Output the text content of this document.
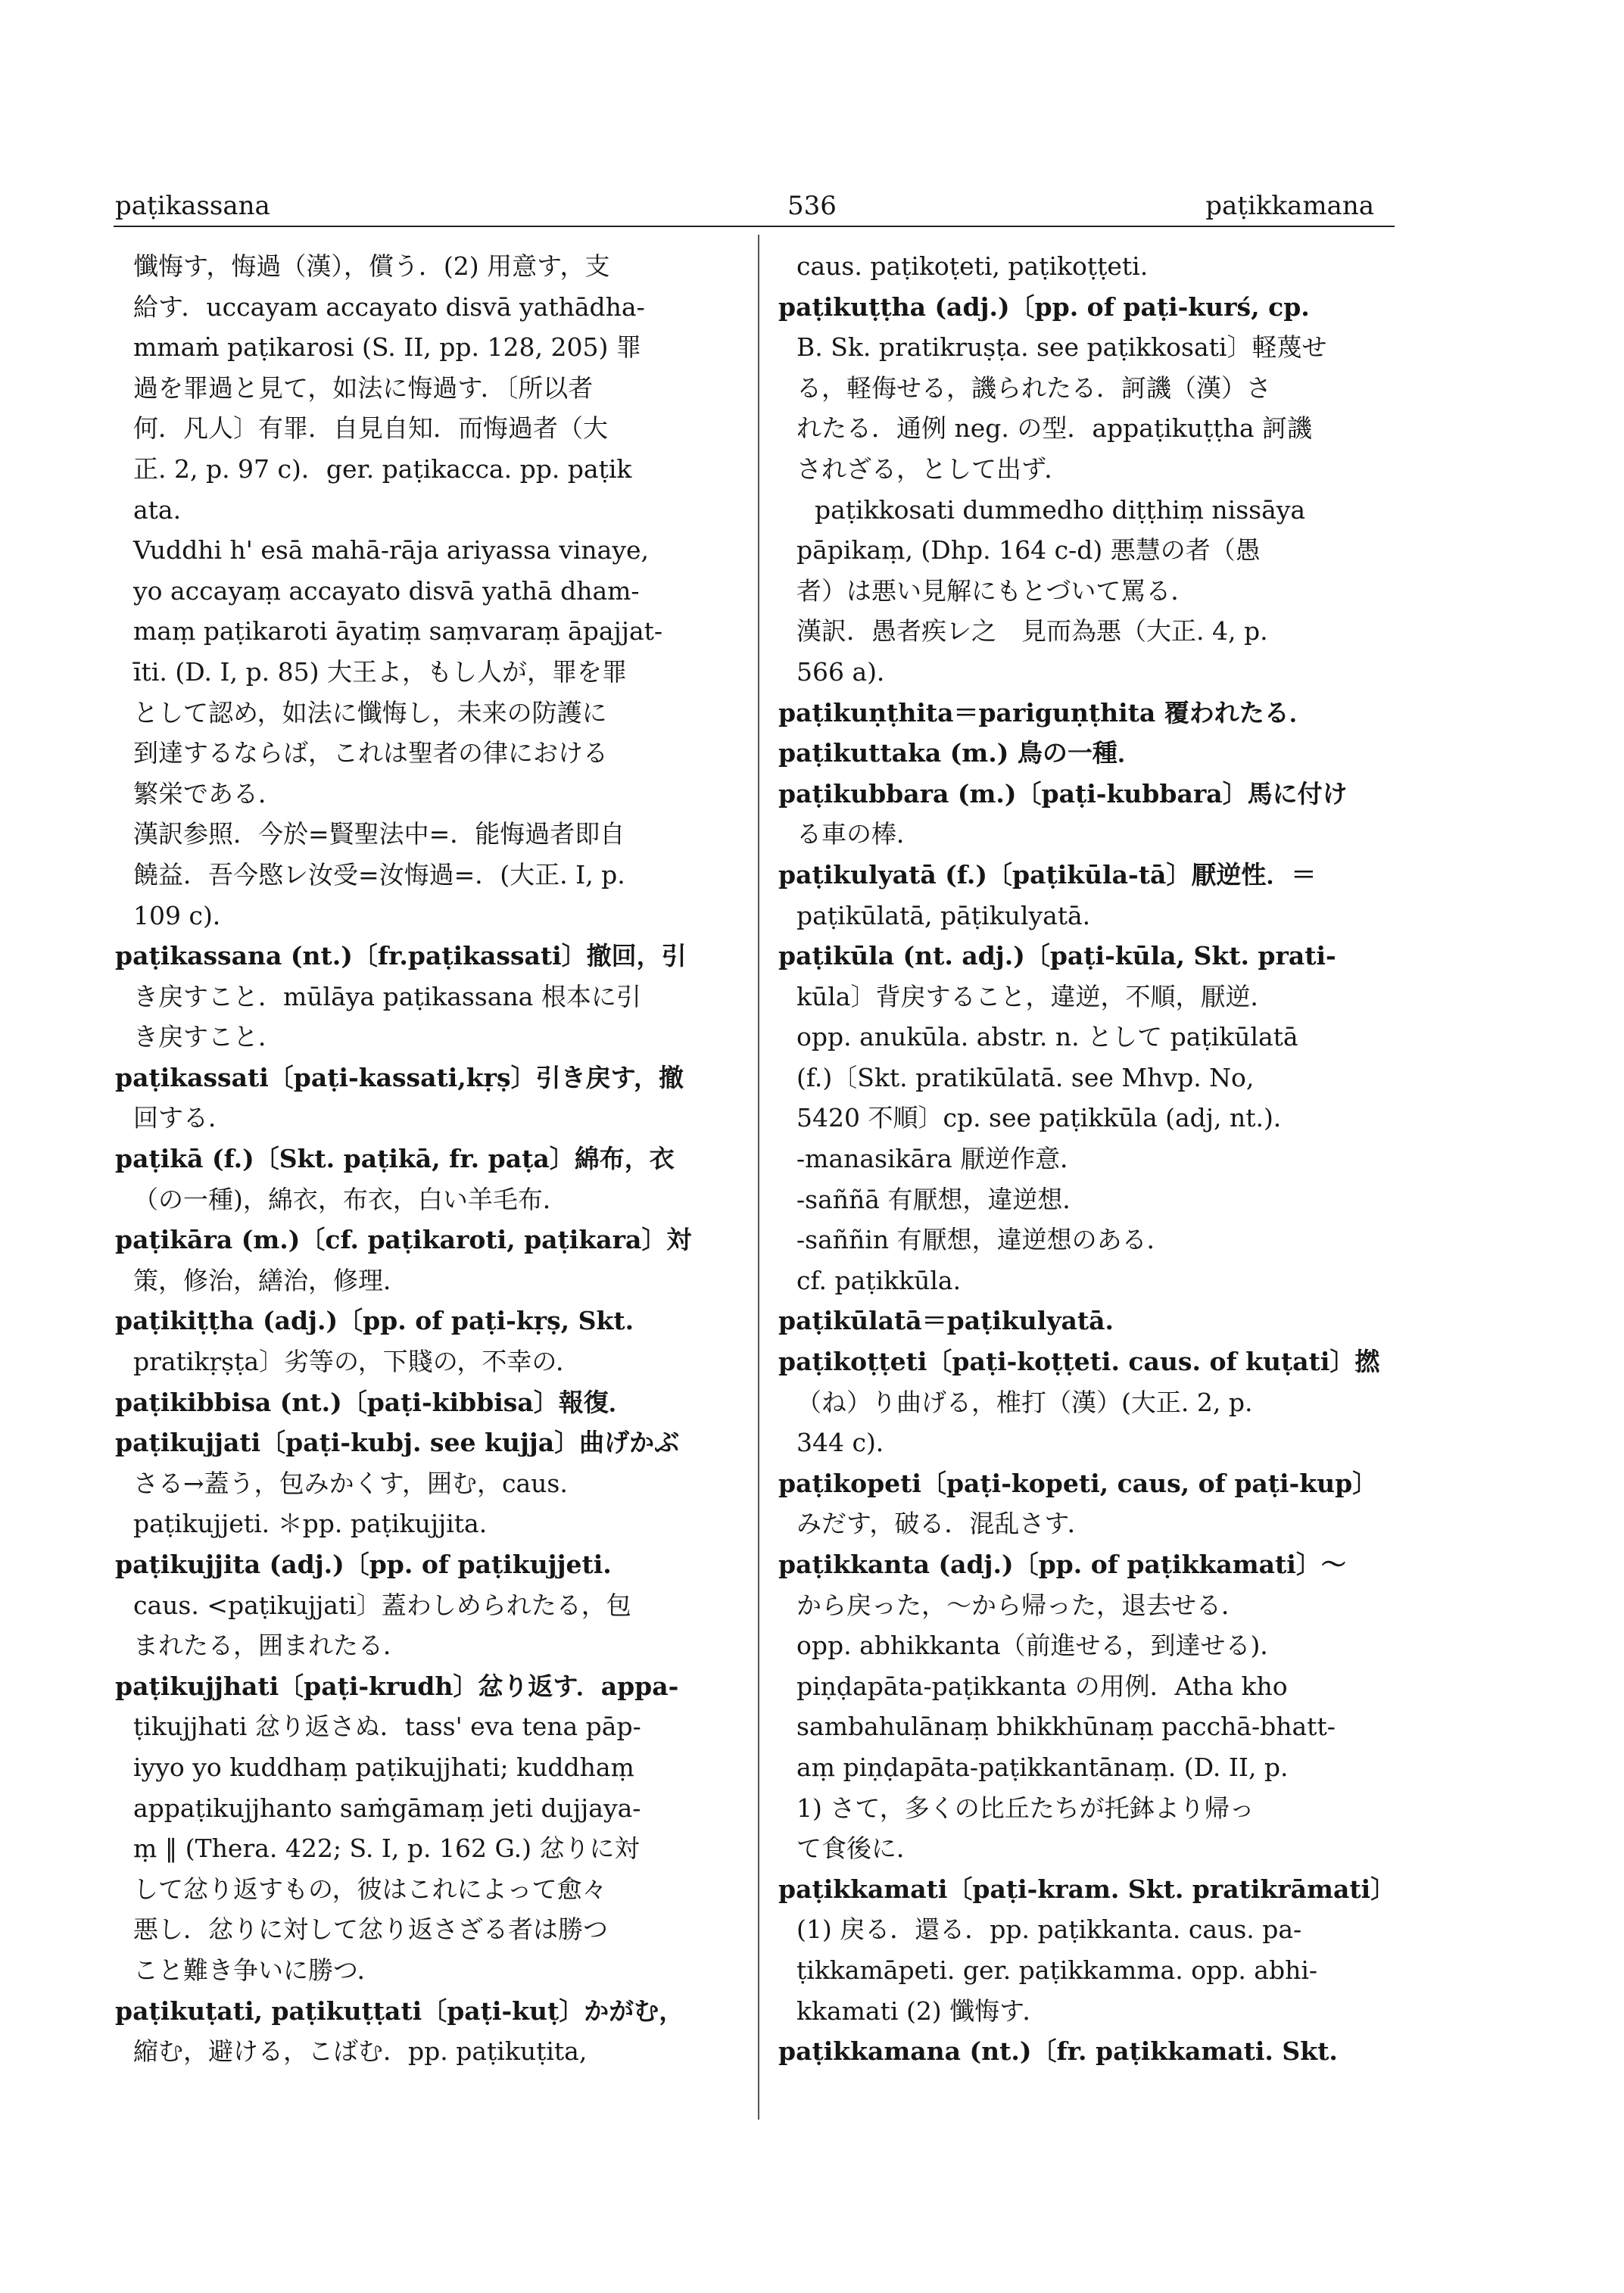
paṭikassana	536	paṭikkamana
懺悔す，悔過（漢），償う．(2) 用意す，支
給す．uccayam accayato disvā yathādha-
mmaṁ paṭikarosi (S. II, pp. 128, 205) 罪
過を罪過と見て，如法に悔過す．〔所以者
何．凡人〕有罪．自見自知．而悔過者（大
正. 2, p. 97 c)．ger. paṭikacca. pp. paṭik
ata.
Vuddhi h' esā mahā-rāja ariyassa vinaye,
yo accayaṃ accayato disvā yathā dham-
maṃ paṭikaroti āyatiṃ saṃvaraṃ āpajjat-
īti. (D. I, p. 85) 大王よ，もし人が，罪を罪
として認め，如法に懺悔し，未来の防護に
到達するならば，これは聖者の律における
繁栄である．
漢訳参照．今於=賢聖法中=．能悔過者即自
饒益．吾今愍レ汝受=汝悔過=．(大正. I, p.
109 c)．
paṭikassana (nt.)〔fr.paṭikassati〕撤回，引
き戻すこと．mūlāya paṭikassana 根本に引
き戻すこと．
paṭikassati〔paṭi-kassati,kṛṣ〕引き戻す，撤
回する．
paṭikā (f.)〔Skt. paṭikā, fr. paṭa〕綿布，衣
（の一種)，綿衣，布衣，白い羊毛布．
paṭikāra (m.)〔cf. paṭikaroti, paṭikara〕対
策，修治，繕治，修理．
paṭikiṭṭha (adj.)〔pp. of paṭi-kṛṣ, Skt.
pratikṛṣṭa〕劣等の，下賤の，不幸の．
paṭikibbisa (nt.)〔paṭi-kibbisa〕報復．
paṭikujjati〔paṭi-kubj. see kujja〕曲げかぶ
さる→蓋う，包みかくす，囲む，caus.
paṭikujjeti. ＊pp. paṭikujjita.
paṭikujjita (adj.)〔pp. of paṭikujjeti.
caus. <paṭikujjati〕蓋わしめられたる，包
まれたる，囲まれたる．
paṭikujjhati〔paṭi-krudh〕忿り返す．appa-
ṭikujjhati 忿り返さぬ．tass' eva tena pāp-
iyyo yo kuddhaṃ paṭikujjhati; kuddhaṃ
appaṭikujjhanto saṁgāmaṃ jeti dujjaya-
ṃ ‖ (Thera. 422; S. I, p. 162 G.) 忿りに対
して忿り返すもの，彼はこれによって愈々
悪し．忿りに対して忿り返さざる者は勝つ
こと難き争いに勝つ．
paṭikuṭati, paṭikuṭṭati〔paṭi-kuṭ〕かがむ，
縮む，避ける，こばむ．pp. paṭikuṭita,
caus. paṭikoṭeti, paṭikoṭṭeti.
paṭikuṭṭha (adj.)〔pp. of paṭi-kurś, cp.
B. Sk. pratikruṣṭa. see paṭikkosati〕軽蔑せ
る，軽侮せる，譏られたる．訶譏（漢）さ
れたる．通例 neg. の型．appaṭikuṭṭha 訶譏
されざる，として出ず．
paṭikkosati dummedho diṭṭhiṃ nissāya
pāpikaṃ, (Dhp. 164 c-d) 悪慧の者（愚
者）は悪い見解にもとづいて罵る．
漢訳．愚者疾レ之　見而為悪（大正. 4, p.
566 a)．
paṭikuṇṭhita＝pariguṇṭhita 覆われたる．
paṭikuttaka (m.) 鳥の一種．
paṭikubbara (m.)〔paṭi-kubbara〕馬に付け
る車の棒．
paṭikulyatā (f.)〔paṭikūla-tā〕厭逆性．＝
paṭikūlatā, pāṭikulyatā.
paṭikūla (nt. adj.)〔paṭi-kūla, Skt. prati-
kūla〕背戻すること，違逆，不順，厭逆．
opp. anukūla. abstr. n. として paṭikūlatā
(f.)〔Skt. pratikūlatā. see Mhvp. No,
5420 不順〕cp. see paṭikkūla (adj, nt.)．
-manasikāra 厭逆作意．
-saññā 有厭想，違逆想．
-saññin 有厭想，違逆想のある．
cf. paṭikkūla.
paṭikūlatā＝paṭikulyatā.
paṭikoṭṭeti〔paṭi-koṭṭeti. caus. of kuṭati〕撚
（ね）り曲げる，椎打（漢）(大正. 2, p.
344 c)．
paṭikopeti〔paṭi-kopeti, caus, of paṭi-kup〕
みだす，破る．混乱さす．
paṭikkanta (adj.)〔pp. of paṭikkamati〕〜
から戻った，〜から帰った，退去せる．
opp. abhikkanta（前進せる，到達せる)．
piṇḍapāta-paṭikkanta の用例．Atha kho
sambahulānaṃ bhikkhūnaṃ pacchā-bhatt-
aṃ piṇḍapāta-paṭikkantānaṃ. (D. II, p.
1) さて，多くの比丘たちが托鉢より帰っ
て食後に．
paṭikkamati〔paṭi-kram. Skt. pratikrāmati〕
(1) 戻る．還る．pp. paṭikkanta. caus. pa-
ṭikkamāpeti. ger. paṭikkamma. opp. abhi-
kkamati (2) 懺悔す．
paṭikkamana (nt.)〔fr. paṭikkamati. Skt.
